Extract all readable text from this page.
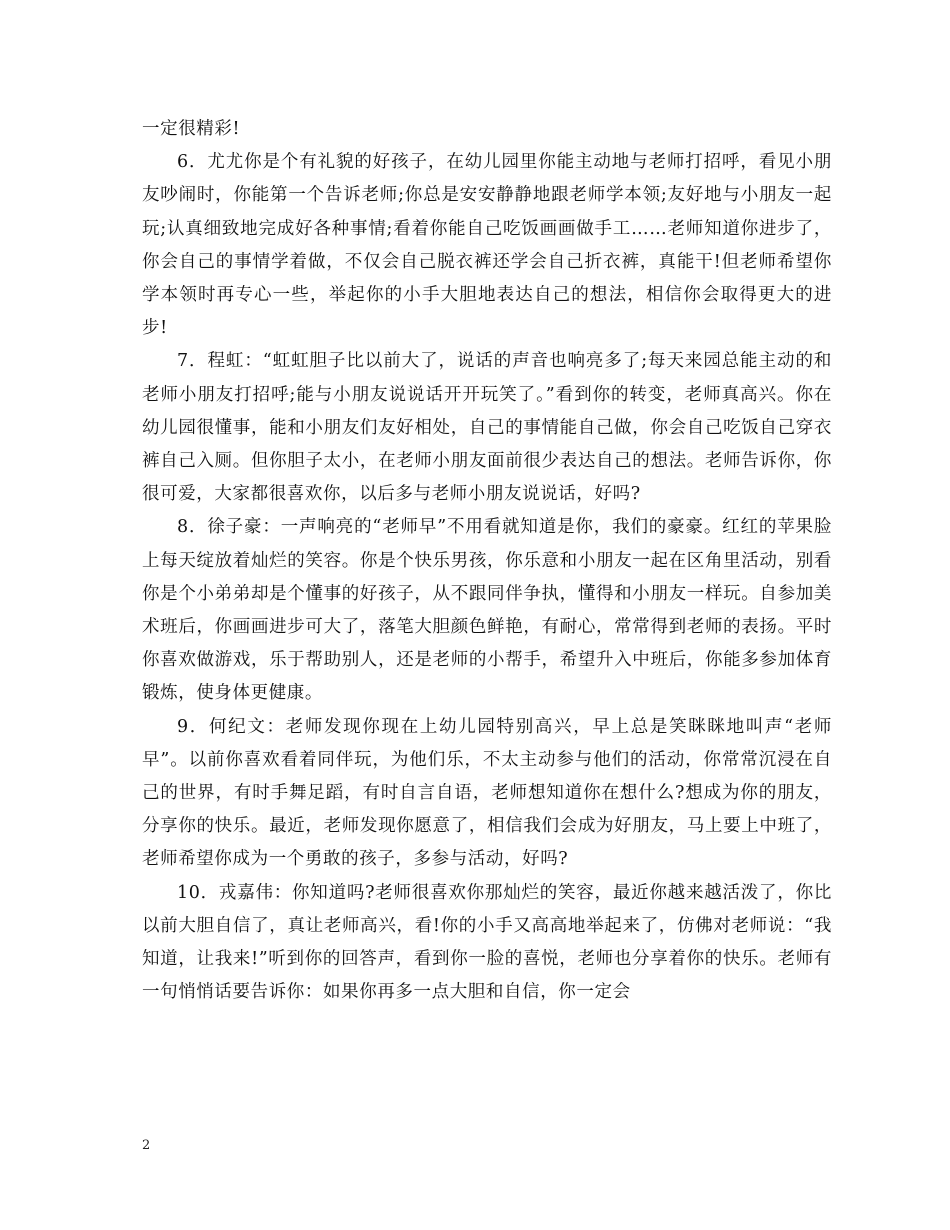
一定很精彩!

6．尤尤你是个有礼貌的好孩子，在幼儿园里你能主动地与老师打招呼，看见小朋友吵闹时，你能第一个告诉老师;你总是安安静静地跟老师学本领;友好地与小朋友一起玩;认真细致地完成好各种事情;看着你能自己吃饭画画做手工……老师知道你进步了，你会自己的事情学着做，不仅会自己脱衣裤还学会自己折衣裤，真能干!但老师希望你学本领时再专心一些，举起你的小手大胆地表达自己的想法，相信你会取得更大的进步!

7．程虹：“虹虹胆子比以前大了，说话的声音也响亮多了;每天来园总能主动的和老师小朋友打招呼;能与小朋友说说话开开玩笑了。”看到你的转变，老师真高兴。你在幼儿园很懂事，能和小朋友们友好相处，自己的事情能自己做，你会自己吃饭自己穿衣裤自己入厕。但你胆子太小，在老师小朋友面前很少表达自己的想法。老师告诉你，你很可爱，大家都很喜欢你，以后多与老师小朋友说说话，好吗?

8．徐子豪：一声响亮的“老师早”不用看就知道是你，我们的豪豪。红红的苹果脸上每天绽放着灿烂的笑容。你是个快乐男孩，你乐意和小朋友一起在区角里活动，别看你是个小弟弟却是个懂事的好孩子，从不跟同伴争执，懂得和小朋友一样玩。自参加美术班后，你画画进步可大了，落笔大胆颜色鲜艳，有耐心，常常得到老师的表扬。平时你喜欢做游戏，乐于帮助别人，还是老师的小帮手，希望升入中班后，你能多参加体育锻炼，使身体更健康。

9．何纪文：老师发现你现在上幼儿园特别高兴，早上总是笑眯眯地叫声“老师早”。以前你喜欢看着同伴玩，为他们乐，不太主动参与他们的活动，你常常沉浸在自己的世界，有时手舞足蹈，有时自言自语，老师想知道你在想什么?想成为你的朋友，分享你的快乐。最近，老师发现你愿意了，相信我们会成为好朋友，马上要上中班了，老师希望你成为一个勇敢的孩子，多参与活动，好吗?

10．戎嘉伟：你知道吗?老师很喜欢你那灿烂的笑容，最近你越来越活泼了，你比以前大胆自信了，真让老师高兴，看!你的小手又高高地举起来了，仿佛对老师说：“我知道，让我来!”听到你的回答声，看到你一脸的喜悦，老师也分享着你的快乐。老师有一句悄悄话要告诉你：如果你再多一点大胆和自信，你一定会

2
